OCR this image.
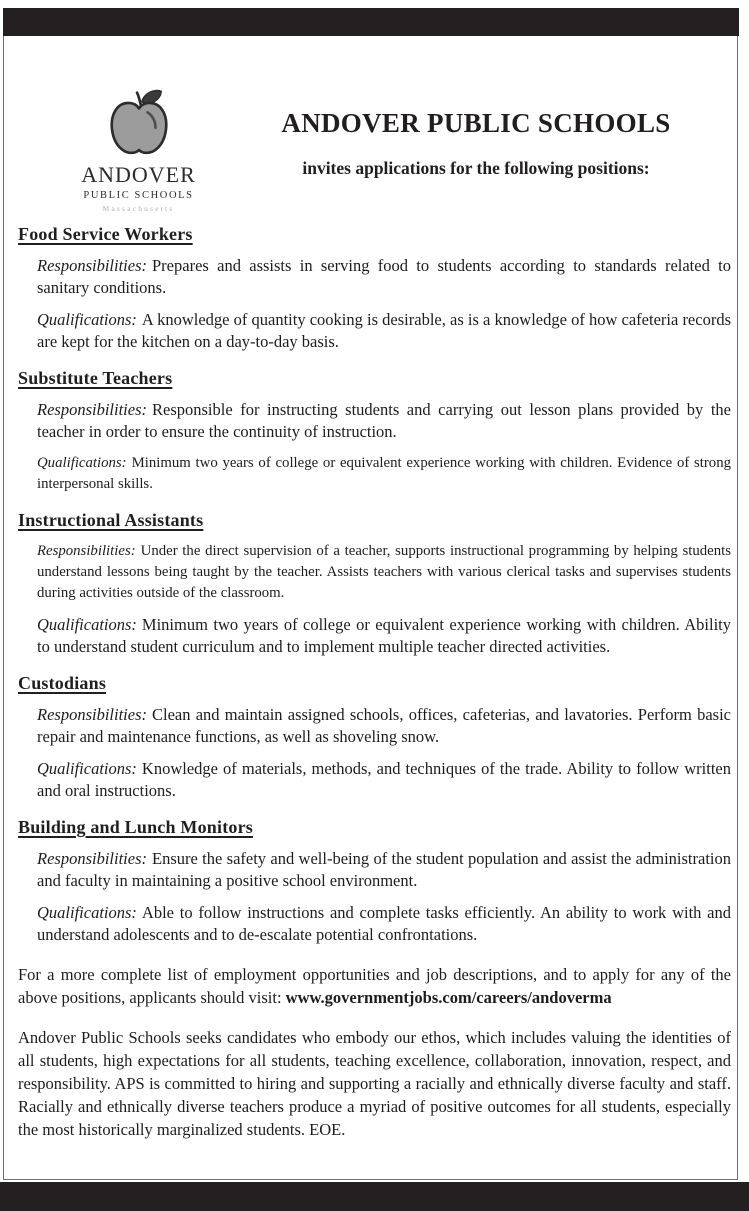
ANDOVER
PUBLIC SCHOOLS
Massachusetts
ANDOVER PUBLIC SCHOOLS
invites applications for the following positions:
Food Service Workers

Responsibilities: Prepares and assists in serving food to students according to standards related to sanitary conditions.

Qualifications: A knowledge of quantity cooking is desirable, as is a knowledge of how cafeteria records are kept for the kitchen on a day-to-day basis.

Substitute Teachers

Responsibilities: Responsible for instructing students and carrying out lesson plans provided by the teacher in order to ensure the continuity of instruction.

Qualifications: Minimum two years of college or equivalent experience working with children. Evidence of strong interpersonal skills.

Instructional Assistants

Responsibilities: Under the direct supervision of a teacher, supports instructional programming by helping students understand lessons being taught by the teacher. Assists teachers with various clerical tasks and supervises students during activities outside of the classroom.

Qualifications: Minimum two years of college or equivalent experience working with children. Ability to understand student curriculum and to implement multiple teacher directed activities.

Custodians

Responsibilities: Clean and maintain assigned schools, offices, cafeterias, and lavatories. Perform basic repair and maintenance functions, as well as shoveling snow.

Qualifications: Knowledge of materials, methods, and techniques of the trade. Ability to follow written and oral instructions.

Building and Lunch Monitors

Responsibilities: Ensure the safety and well-being of the student population and assist the administration and faculty in maintaining a positive school environment.

Qualifications: Able to follow instructions and complete tasks efficiently. An ability to work with and understand adolescents and to de-escalate potential confrontations.

For a more complete list of employment opportunities and job descriptions, and to apply for any of the above positions, applicants should visit: www.governmentjobs.com/careers/andoverma

Andover Public Schools seeks candidates who embody our ethos, which includes valuing the identities of all students, high expectations for all students, teaching excellence, collaboration, innovation, respect, and responsibility. APS is committed to hiring and supporting a racially and ethnically diverse faculty and staff. Racially and ethnically diverse teachers produce a myriad of positive outcomes for all students, especially the most historically marginalized students. EOE.
